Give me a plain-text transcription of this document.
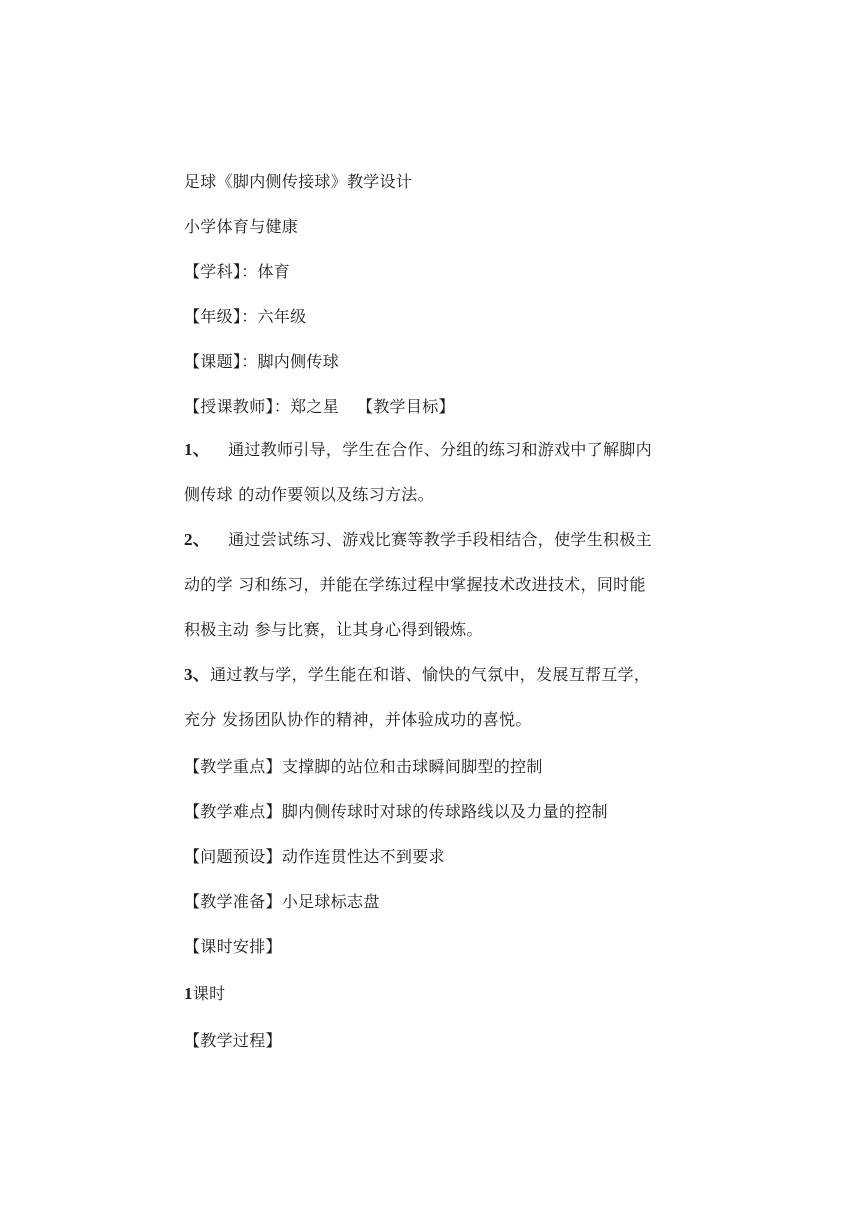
足球《脚内侧传接球》教学设计
小学体育与健康
【学科】：体育
【年级】：六年级
【课题】：脚内侧传球
【授课教师】：郑之星 【教学目标】
1、 通过教师引导，学生在合作、分组的练习和游戏中了解脚内
侧传球 的动作要领以及练习方法。
2、 通过尝试练习、游戏比赛等教学手段相结合，使学生积极主
动的学 习和练习，并能在学练过程中掌握技术改进技术，同时能
积极主动 参与比赛，让其身心得到锻炼。
3、通过教与学，学生能在和谐、愉快的气氛中，发展互帮互学，
充分 发扬团队协作的精神，并体验成功的喜悦。
【教学重点】支撑脚的站位和击球瞬间脚型的控制
【教学难点】脚内侧传球时对球的传球路线以及力量的控制
【问题预设】动作连贯性达不到要求
【教学准备】小足球标志盘
【课时安排】
1课时
【教学过程】
